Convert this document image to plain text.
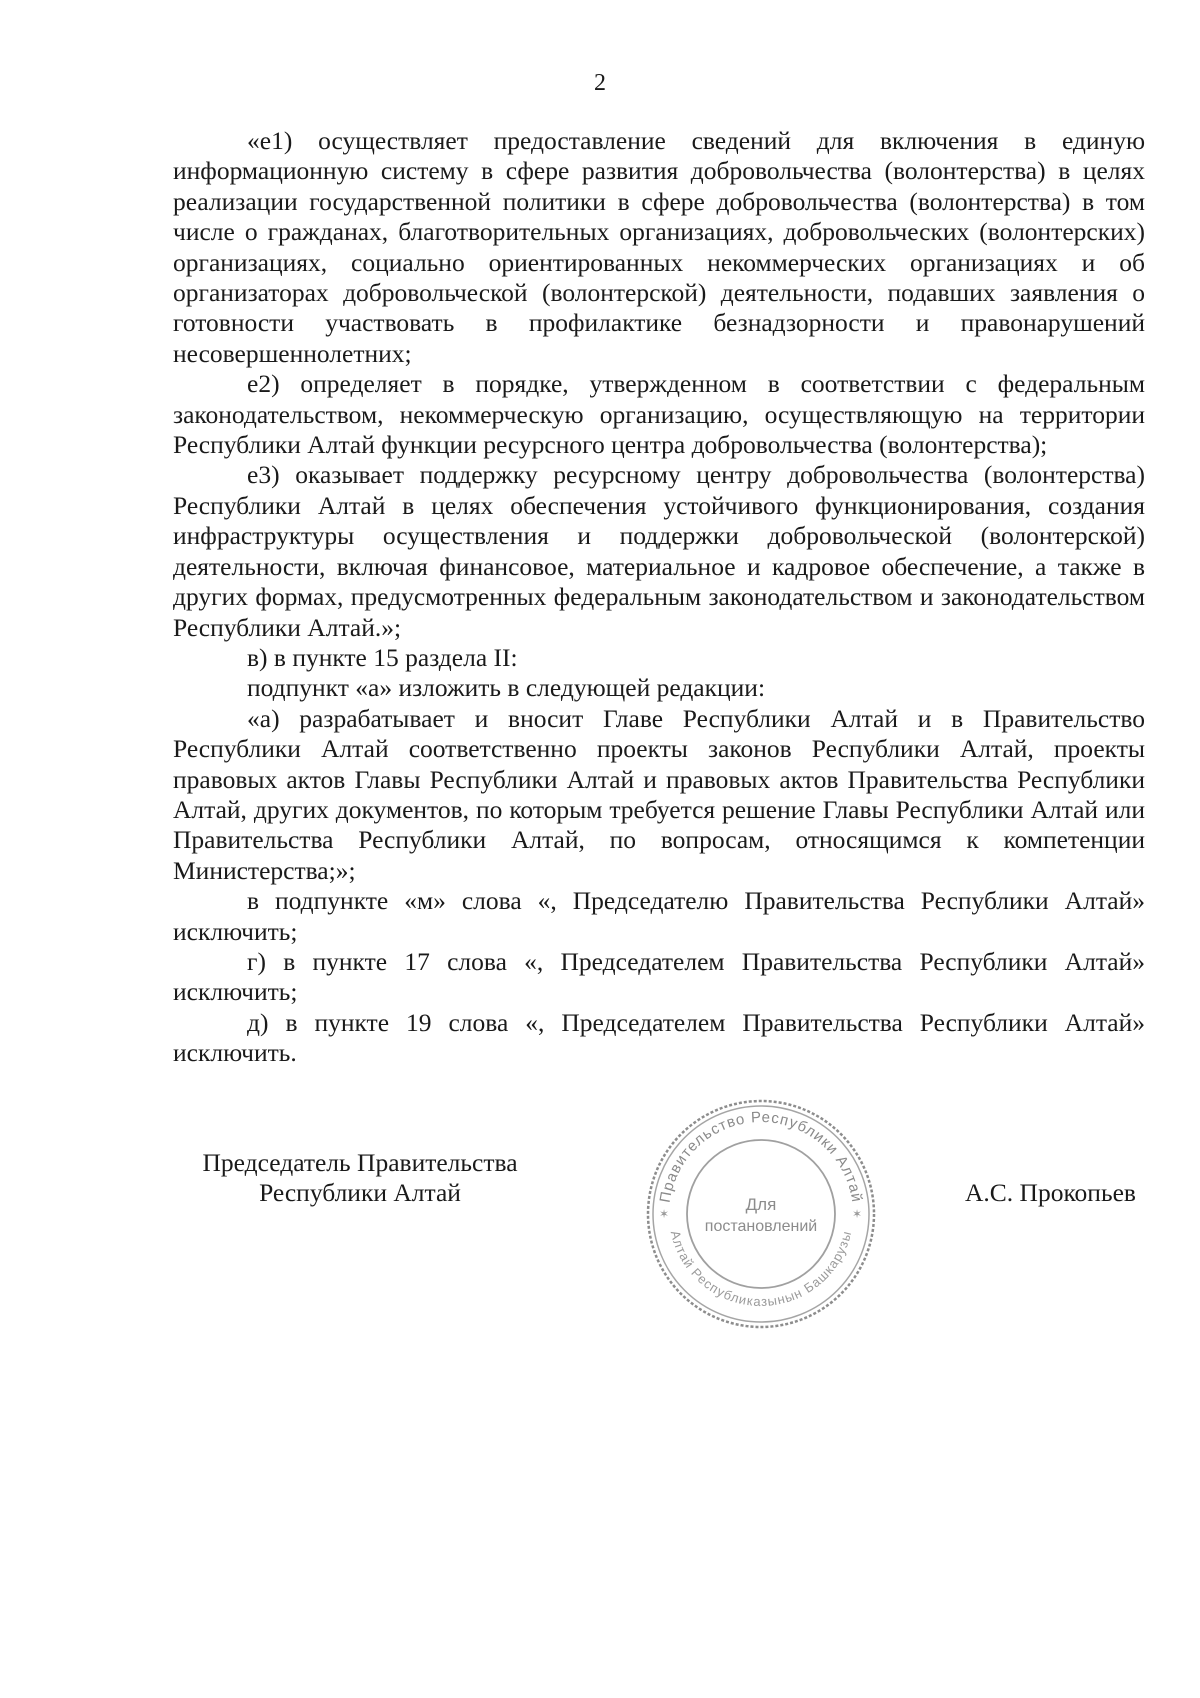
2

«е1) осуществляет предоставление сведений для включения в единую информационную систему в сфере развития добровольчества (волонтерства) в целях реализации государственной политики в сфере добровольчества (волонтерства) в том числе о гражданах, благотворительных организациях, добровольческих (волонтерских) организациях, социально ориентированных некоммерческих организациях и об организаторах добровольческой (волонтерской) деятельности, подавших заявления о готовности участвовать в профилактике безнадзорности и правонарушений несовершеннолетних;

е2) определяет в порядке, утвержденном в соответствии с федеральным законодательством, некоммерческую организацию, осуществляющую на территории Республики Алтай функции ресурсного центра добровольчества (волонтерства);

е3) оказывает поддержку ресурсному центру добровольчества (волонтерства) Республики Алтай в целях обеспечения устойчивого функционирования, создания инфраструктуры осуществления и поддержки добровольческой (волонтерской) деятельности, включая финансовое, материальное и кадровое обеспечение, а также в других формах, предусмотренных федеральным законодательством и законодательством Республики Алтай.»;

в) в пункте 15 раздела II:

подпункт «а» изложить в следующей редакции:

«а) разрабатывает и вносит Главе Республики Алтай и в Правительство Республики Алтай соответственно проекты законов Республики Алтай, проекты правовых актов Главы Республики Алтай и правовых актов Правительства Республики Алтай, других документов, по которым требуется решение Главы Республики Алтай или Правительства Республики Алтай, по вопросам, относящимся к компетенции Министерства;»;

в подпункте «м» слова «, Председателю Правительства Республики Алтай» исключить;

г) в пункте 17 слова «, Председателем Правительства Республики Алтай» исключить;

д) в пункте 19 слова «, Председателем Правительства Республики Алтай» исключить.

Правительство Республики Алтай
Алтай Республиказынын Башкарузы
✶	✶
Для
постановлений
Председатель Правительства
Республики Алтай	А.С. Прокопьев
